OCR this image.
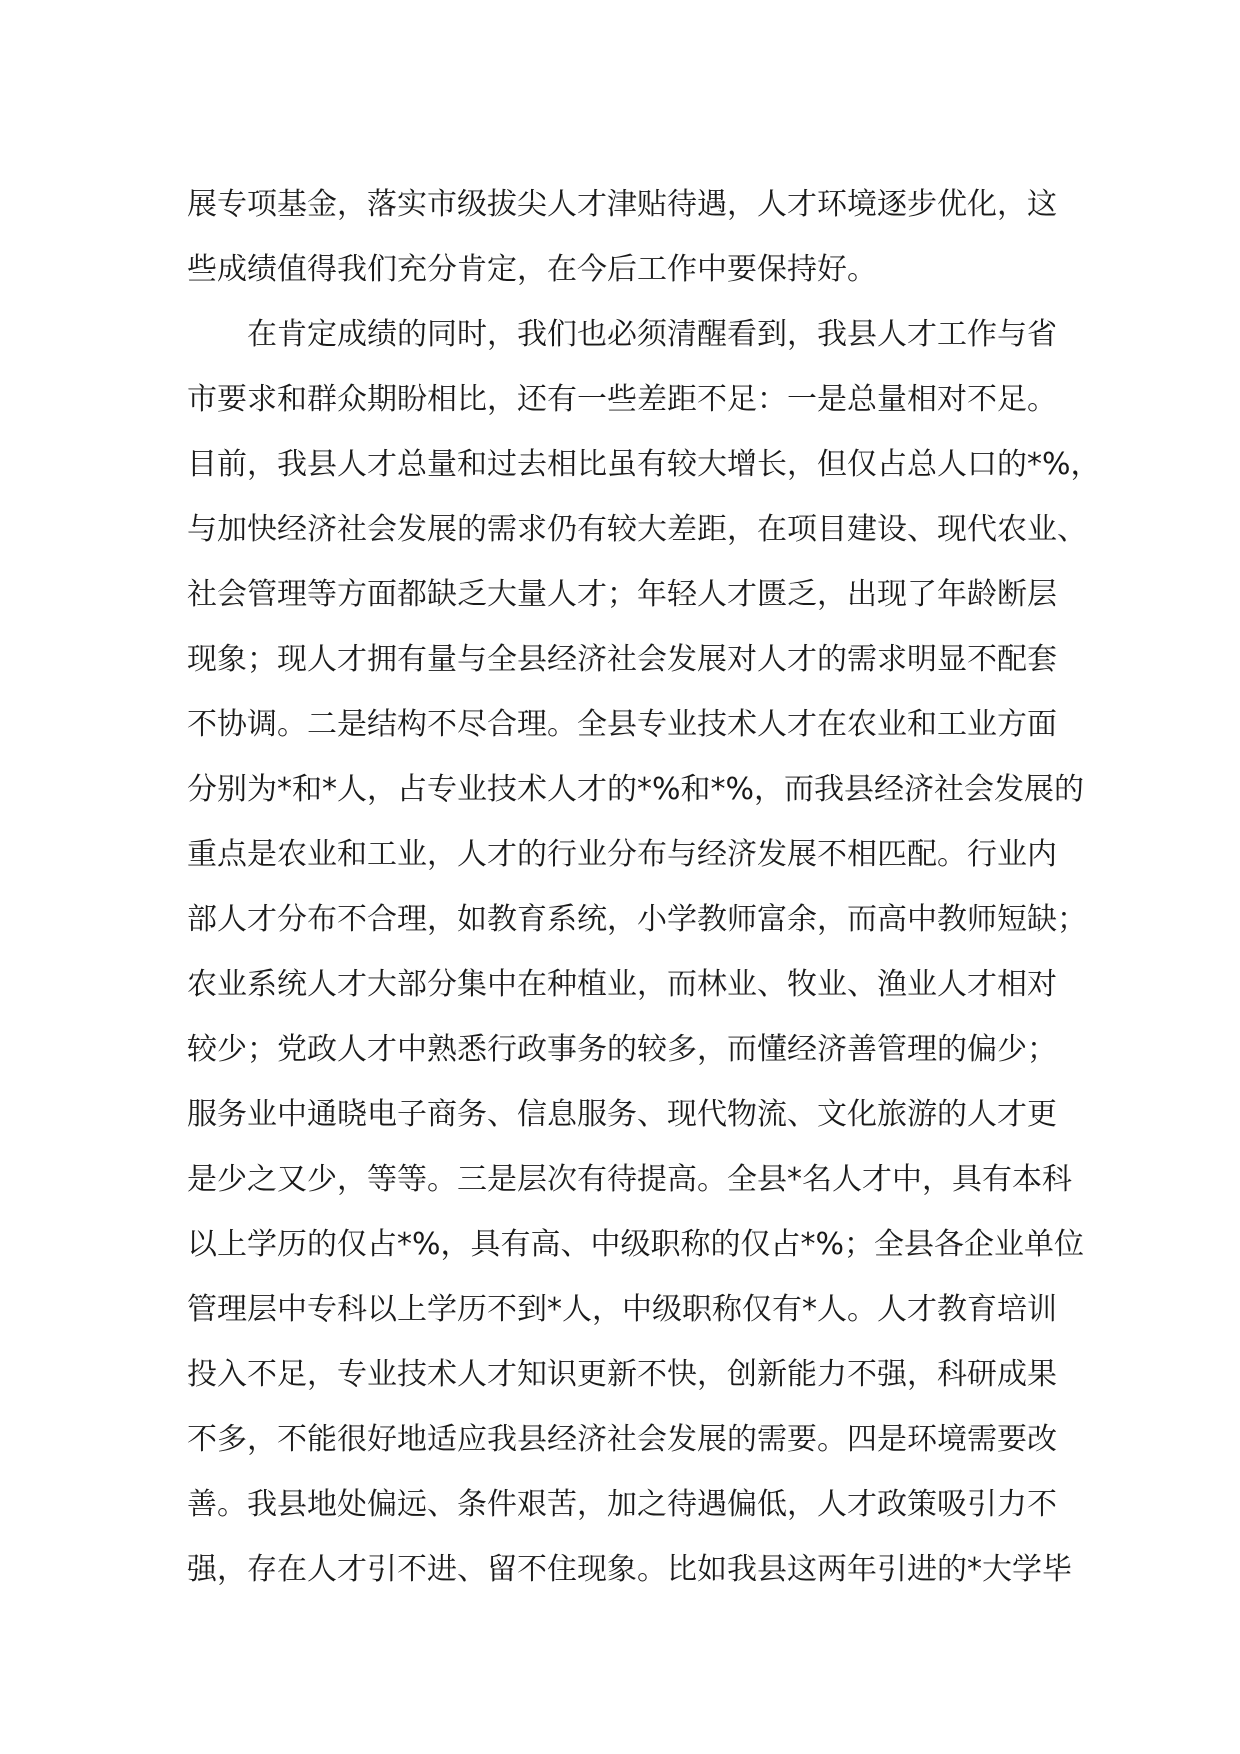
展专项基金，落实市级拔尖人才津贴待遇，人才环境逐步优化，这
些成绩值得我们充分肯定，在今后工作中要保持好。
在肯定成绩的同时，我们也必须清醒看到，我县人才工作与省
市要求和群众期盼相比，还有一些差距不足：一是总量相对不足。
目前，我县人才总量和过去相比虽有较大增长，但仅占总人口的*%，
与加快经济社会发展的需求仍有较大差距，在项目建设、现代农业、
社会管理等方面都缺乏大量人才；年轻人才匮乏，出现了年龄断层
现象；现人才拥有量与全县经济社会发展对人才的需求明显不配套
不协调。二是结构不尽合理。全县专业技术人才在农业和工业方面
分别为*和*人，占专业技术人才的*%和*%，而我县经济社会发展的
重点是农业和工业，人才的行业分布与经济发展不相匹配。行业内
部人才分布不合理，如教育系统，小学教师富余，而高中教师短缺；
农业系统人才大部分集中在种植业，而林业、牧业、渔业人才相对
较少；党政人才中熟悉行政事务的较多，而懂经济善管理的偏少；
服务业中通晓电子商务、信息服务、现代物流、文化旅游的人才更
是少之又少，等等。三是层次有待提高。全县*名人才中，具有本科
以上学历的仅占*%，具有高、中级职称的仅占*%；全县各企业单位
管理层中专科以上学历不到*人，中级职称仅有*人。人才教育培训
投入不足，专业技术人才知识更新不快，创新能力不强，科研成果
不多，不能很好地适应我县经济社会发展的需要。四是环境需要改
善。我县地处偏远、条件艰苦，加之待遇偏低，人才政策吸引力不
强，存在人才引不进、留不住现象。比如我县这两年引进的*大学毕
